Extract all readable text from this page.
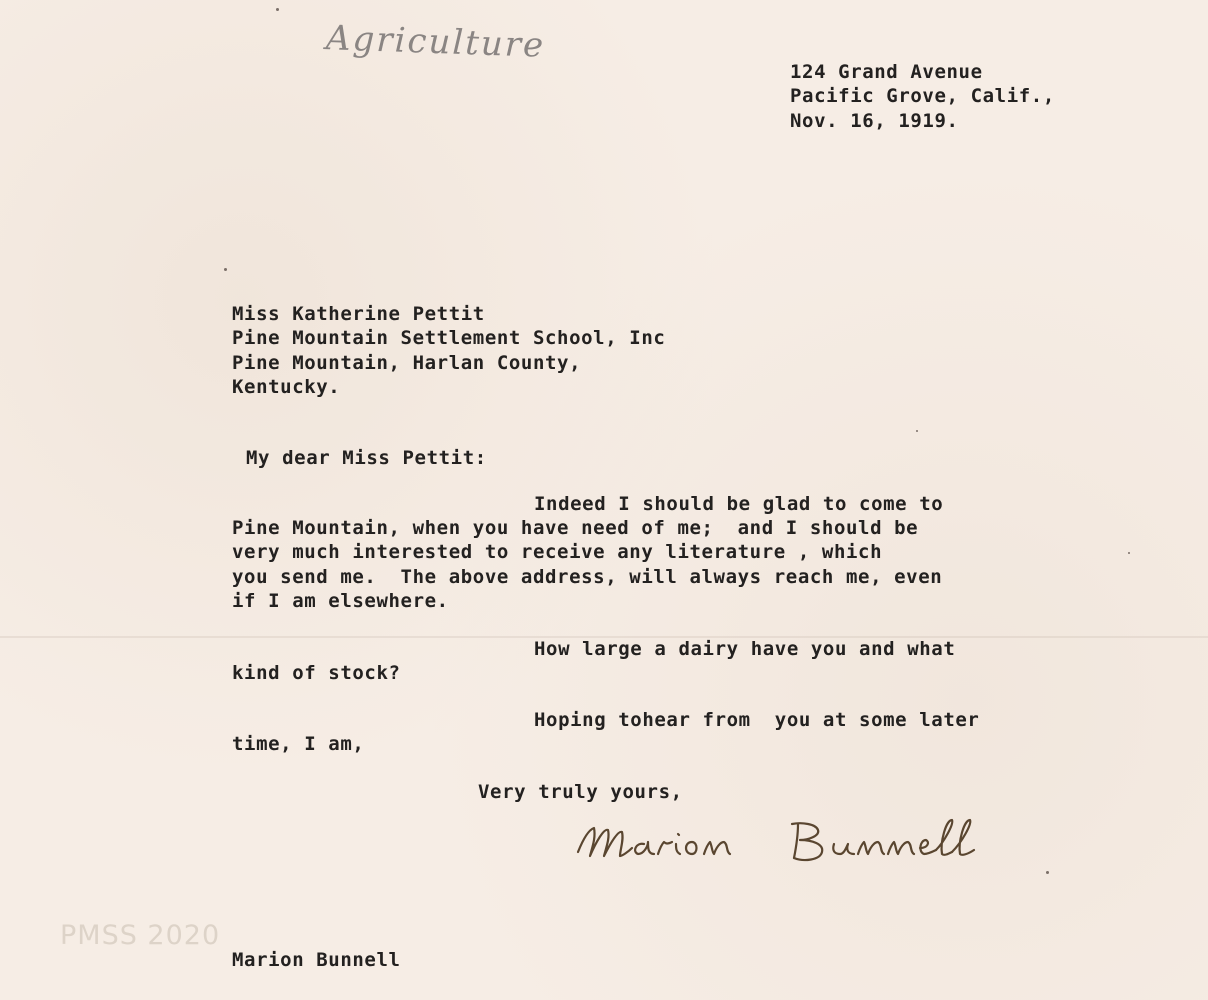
Agriculture
124 Grand Avenue
Pacific Grove, Calif.,
Nov. 16, 1919.
Miss Katherine Pettit
Pine Mountain Settlement School, Inc
Pine Mountain, Harlan County,
Kentucky.
My dear Miss Pettit:
Indeed I should be glad to come to
Pine Mountain, when you have need of me;  and I should be
very much interested to receive any literature , which
you send me.  The above address, will always reach me, even
if I am elsewhere.
How large a dairy have you and what
kind of stock?
Hoping tohear from  you at some later
time, I am,
Very truly yours,
PMSS 2020
Marion Bunnell
